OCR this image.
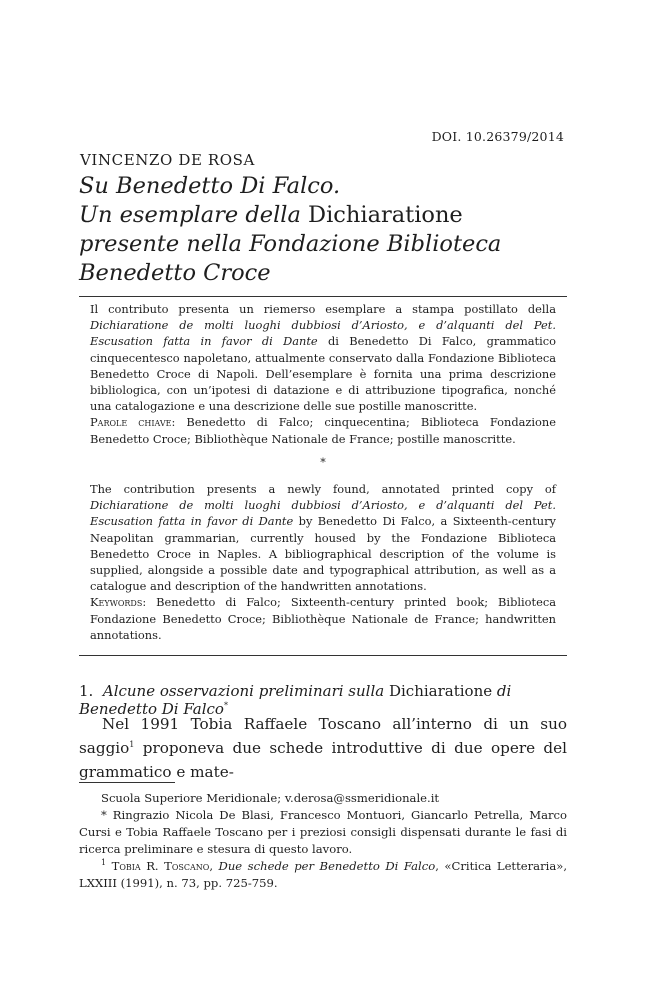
DOI. 10.26379/2014
VINCENZO DE ROSA
Su Benedetto Di Falco.
Un esemplare della Dichiaratione
presente nella Fondazione Biblioteca Benedetto Croce

Il contributo presenta un riemerso esemplare a stampa postillato della Dichiaratione de molti luoghi dubbiosi d’Ariosto, e d’alquanti del Pet. Escusation fatta in favor di Dante di Benedetto Di Falco, grammatico cinquecentesco napoletano, attualmente conservato dalla Fondazione Biblioteca Benedetto Croce di Napoli. Dell’esemplare è fornita una prima descrizione bibliologica, con un’ipotesi di datazione e di attribuzione tipografica, nonché una catalogazione e una descrizione delle sue postille manoscritte.
Parole chiave: Benedetto di Falco; cinquecentina; Biblioteca Fondazione Benedetto Croce; Bibliothèque Nationale de France; postille manoscritte.

*

The contribution presents a newly found, annotated printed copy of Dichiaratione de molti luoghi dubbiosi d’Ariosto, e d’alquanti del Pet. Escusation fatta in favor di Dante by Benedetto Di Falco, a Sixteenth-century Neapolitan grammarian, currently housed by the Fondazione Biblioteca Benedetto Croce in Naples. A bibliographical description of the volume is supplied, alongside a possible date and typographical attribution, as well as a catalogue and description of the handwritten annotations.
Keywords: Benedetto di Falco; Sixteenth-century printed book; Biblioteca Fondazione Benedetto Croce; Bibliothèque Nationale de France; handwritten annotations.

1. Alcune osservazioni preliminari sulla Dichiaratione di Benedetto Di Falco*

Nel 1991 Tobia Raffaele Toscano all’interno di un suo saggio$^1$ proponeva due schede introduttive di due opere del grammatico e mate-

Scuola Superiore Meridionale; v.derosa@ssmeridionale.it

* Ringrazio Nicola De Blasi, Francesco Montuori, Giancarlo Petrella, Marco Cursi e Tobia Raffaele Toscano per i preziosi consigli dispensati durante le fasi di ricerca preliminare e stesura di questo lavoro.

$^1$ Tobia R. Toscano, Due schede per Benedetto Di Falco, «Critica Letteraria», LXXIII (1991), n. 73, pp. 725-759.
